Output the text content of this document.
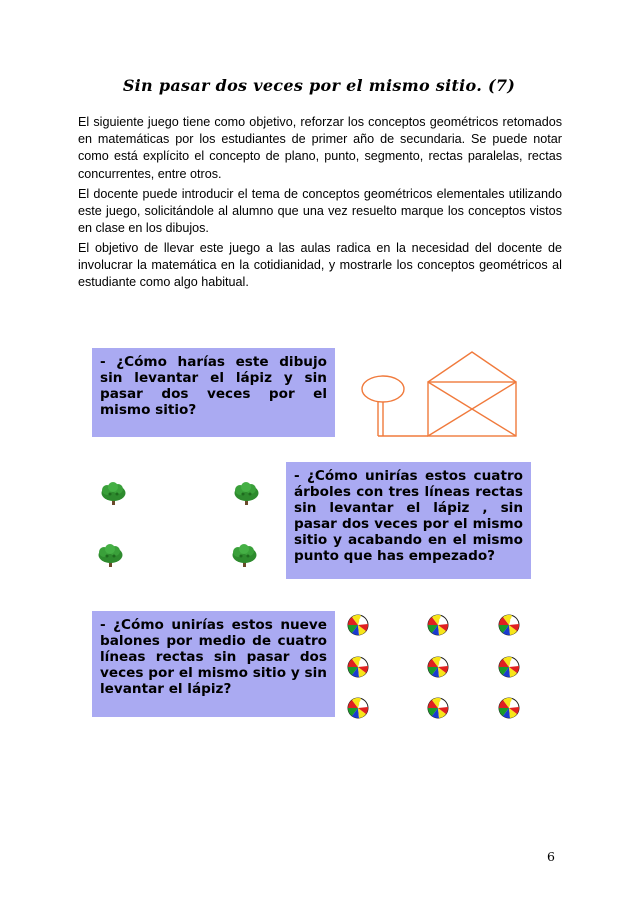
Sin pasar dos veces por el mismo sitio. (7)

El siguiente juego tiene como objetivo, reforzar los conceptos geométricos retomados en matemáticas por los estudiantes de primer año de secundaria. Se puede notar como está explícito el concepto de plano, punto, segmento, rectas paralelas, rectas concurrentes, entre otros.

El docente puede introducir el tema de conceptos geométricos elementales utilizando este juego, solicitándole al alumno que una vez resuelto marque los conceptos vistos en clase en los dibujos.

El objetivo de llevar este juego a las aulas radica en la necesidad del docente de involucrar la matemática en la cotidianidad, y mostrarle los conceptos geométricos al estudiante como algo habitual.

- ¿Cómo harías este dibujo sin levantar el lápiz y sin pasar dos veces por el mismo sitio?
- ¿Cómo unirías estos cuatro árboles con tres líneas rectas sin levantar el lápiz , sin pasar dos veces por el mismo sitio y acabando en el mismo punto que has empezado?
- ¿Cómo unirías estos nueve balones por medio de cuatro líneas rectas sin pasar dos veces por el mismo sitio y sin levantar el lápiz?
6
